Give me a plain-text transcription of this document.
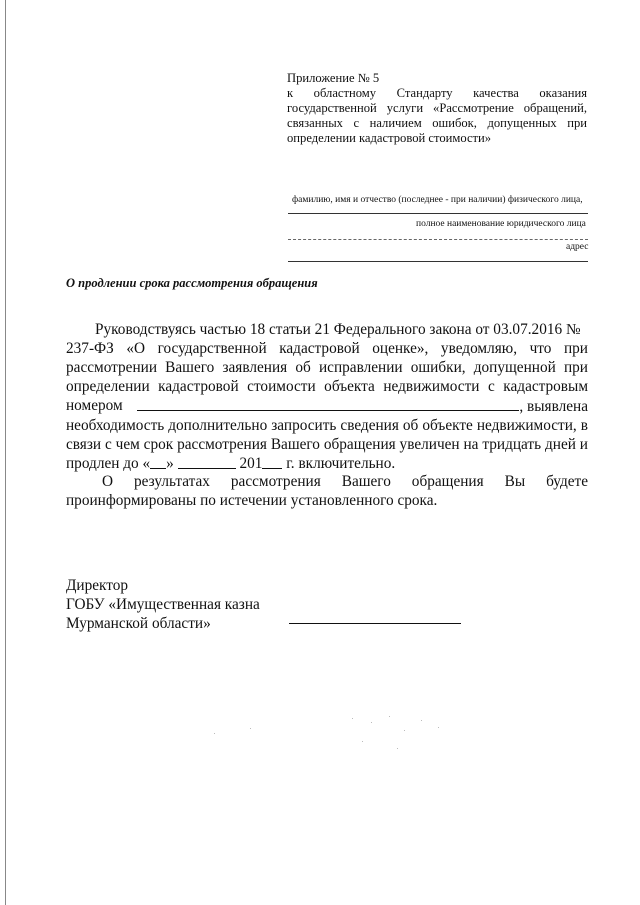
Приложение № 5
к областному Стандарту качества оказания
государственной услуги «Рассмотрение обращений,
связанных с наличием ошибок, допущенных при
определении кадастровой стоимости»
фамилию, имя и отчество (последнее - при наличии) физического лица,
полное наименование юридического лица
адрес
О продлении срока рассмотрения обращения
Руководствуясь частью 18 статьи 21 Федерального закона от 03.07.2016 №
237-ФЗ «О государственной кадастровой оценке», уведомляю, что при
рассмотрении Вашего заявления об исправлении ошибки, допущенной при
определении кадастровой стоимости объекта недвижимости с кадастровым
номером	, выявлена
необходимость дополнительно запросить сведения об объекте недвижимости, в
связи с чем срок рассмотрения Вашего обращения увеличен на тридцать дней и
продлен до « »

	201 г. включительно.
О результатах рассмотрения Вашего обращения Вы будете
проинформированы по истечении установленного срока.
Директор
ГОБУ «Имущественная казна
Мурманской области»
